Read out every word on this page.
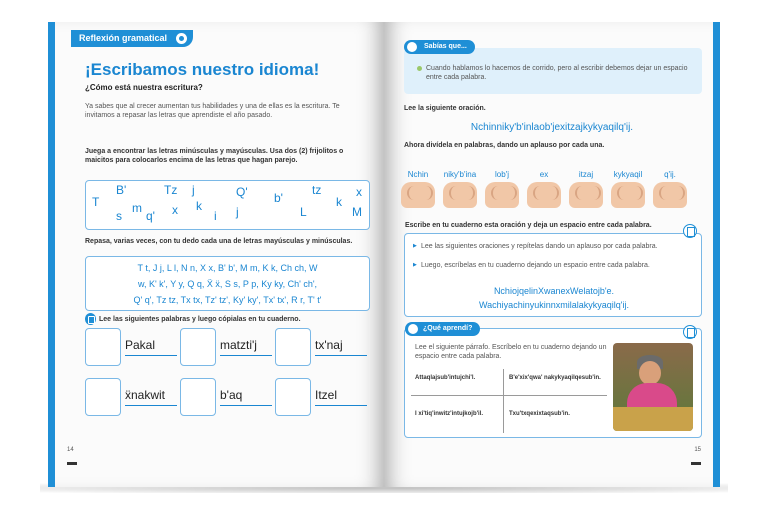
Reflexión gramatical
¡Escribamos nuestro idioma!
¿Cómo está nuestra escritura?
Ya sabes que al crecer aumentan tus habilidades y una de ellas es la escritura. Te invitamos a repasar las letras que aprendiste el año pasado.
Juega a encontrar las letras minúsculas y mayúsculas. Usa dos (2) frijolitos o maicitos para colocarlos encima de las letras que hagan parejo.
T
B'
m
s q'
Tz
x
j
k
i
Q'
j
b'
L
tz
k
x
M
Repasa, varias veces, con tu dedo cada una de letras mayúsculas y minúsculas.
T t, J j, L l, N n, X x, B' b', M m, K k, Ch ch, W
w, K' k', Y y, Q q, Ẍ ẍ, S s, P p, Ky ky, Ch' ch',
Q' q', Tz tz, Tx tx, Tz' tz', Ky' ky', Tx' tx', R r, T' t'
Lee las siguientes palabras y luego cópialas en tu cuaderno.
Pakal	matzti'j	tx'naj
ẍnakwit	b'aq	Itzel
14
Sabías que...
Cuando hablamos lo hacemos de corrido, pero al escribir debemos dejar un espacio entre cada palabra.
Lee la siguiente oración.
Nchinniky'b'inlaob'jexitzajkykyaqilq'ij.
Ahora divídela en palabras, dando un aplauso por cada una.
Nchin	niky'b'ina	lob'j	ex	itzaj	kykyaqil	q'ij.
Escribe en tu cuaderno esta oración y deja un espacio entre cada palabra.
▶ Lee las siguientes oraciones y repítelas dando un aplauso por cada palabra.
▶ Luego, escríbelas en tu cuaderno dejando un espacio entre cada palabra.
NchiojqelinXwanexWelatojb'e.
Wachiyachinyukinnxmilalakykyaqilq'ij.
¿Qué aprendí?
Lee el siguiente párrafo. Escríbelo en tu cuaderno dejando un espacio entre cada palabra.
Attaqlajsub'intujchi'l.	B'e'xix'qwa' nakykyaqilqesub'in.
I xi'tiq'inwitz'intujkojb'il.	Txu'txqexixtaqsub'in.
15
